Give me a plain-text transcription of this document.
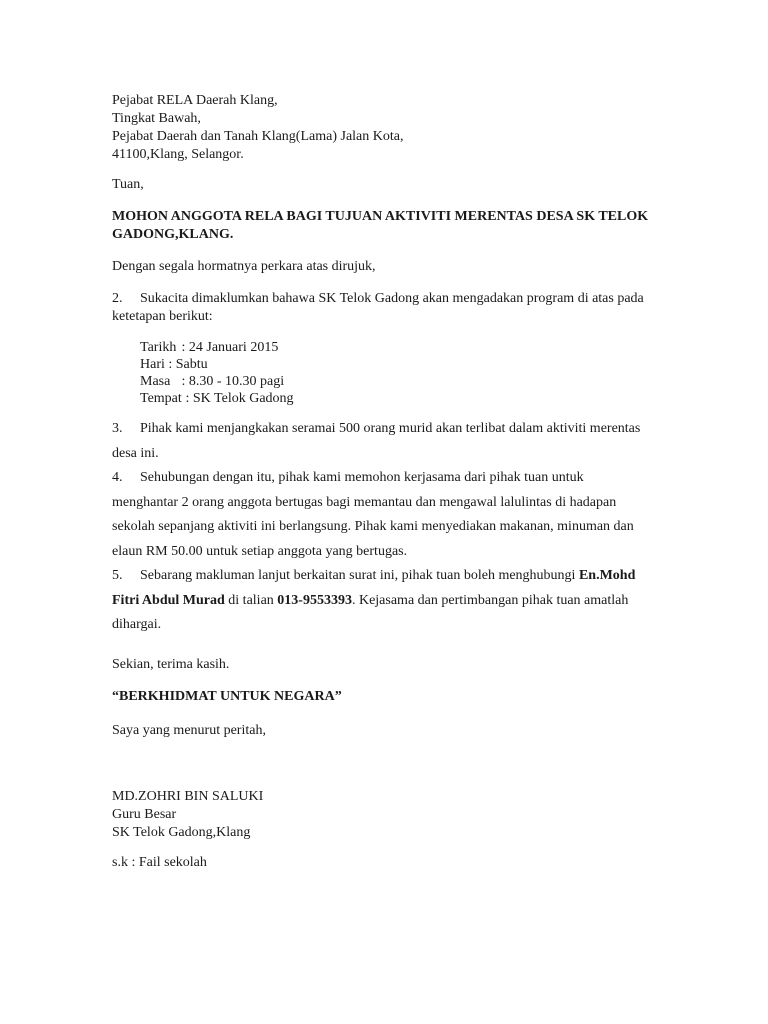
Pejabat RELA Daerah Klang,
Tingkat Bawah,
Pejabat Daerah dan Tanah Klang(Lama) Jalan Kota,
41100,Klang, Selangor.
Tuan,
MOHON ANGGOTA RELA BAGI TUJUAN AKTIVITI MERENTAS DESA SK TELOK GADONG,KLANG.
Dengan segala hormatnya perkara atas dirujuk,
2. Sukacita dimaklumkan bahawa SK Telok Gadong akan mengadakan program di atas pada ketetapan berikut:
Tarikh : 24 Januari 2015
Hari : Sabtu
Masa : 8.30 - 10.30 pagi
Tempat : SK Telok Gadong
3. Pihak kami menjangkakan seramai 500 orang murid akan terlibat dalam aktiviti merentas desa ini.
4. Sehubungan dengan itu, pihak kami memohon kerjasama dari pihak tuan untuk menghantar 2 orang anggota bertugas bagi memantau dan mengawal lalulintas di hadapan sekolah sepanjang aktiviti ini berlangsung. Pihak kami menyediakan makanan, minuman dan elaun RM 50.00 untuk setiap anggota yang bertugas.
5. Sebarang makluman lanjut berkaitan surat ini, pihak tuan boleh menghubungi En.Mohd Fitri Abdul Murad di talian 013-9553393. Kejasama dan pertimbangan pihak tuan amatlah dihargai.
Sekian, terima kasih.
“BERKHIDMAT UNTUK NEGARA”
Saya yang menurut peritah,
MD.ZOHRI BIN SALUKI
Guru Besar
SK Telok Gadong,Klang
s.k : Fail sekolah
